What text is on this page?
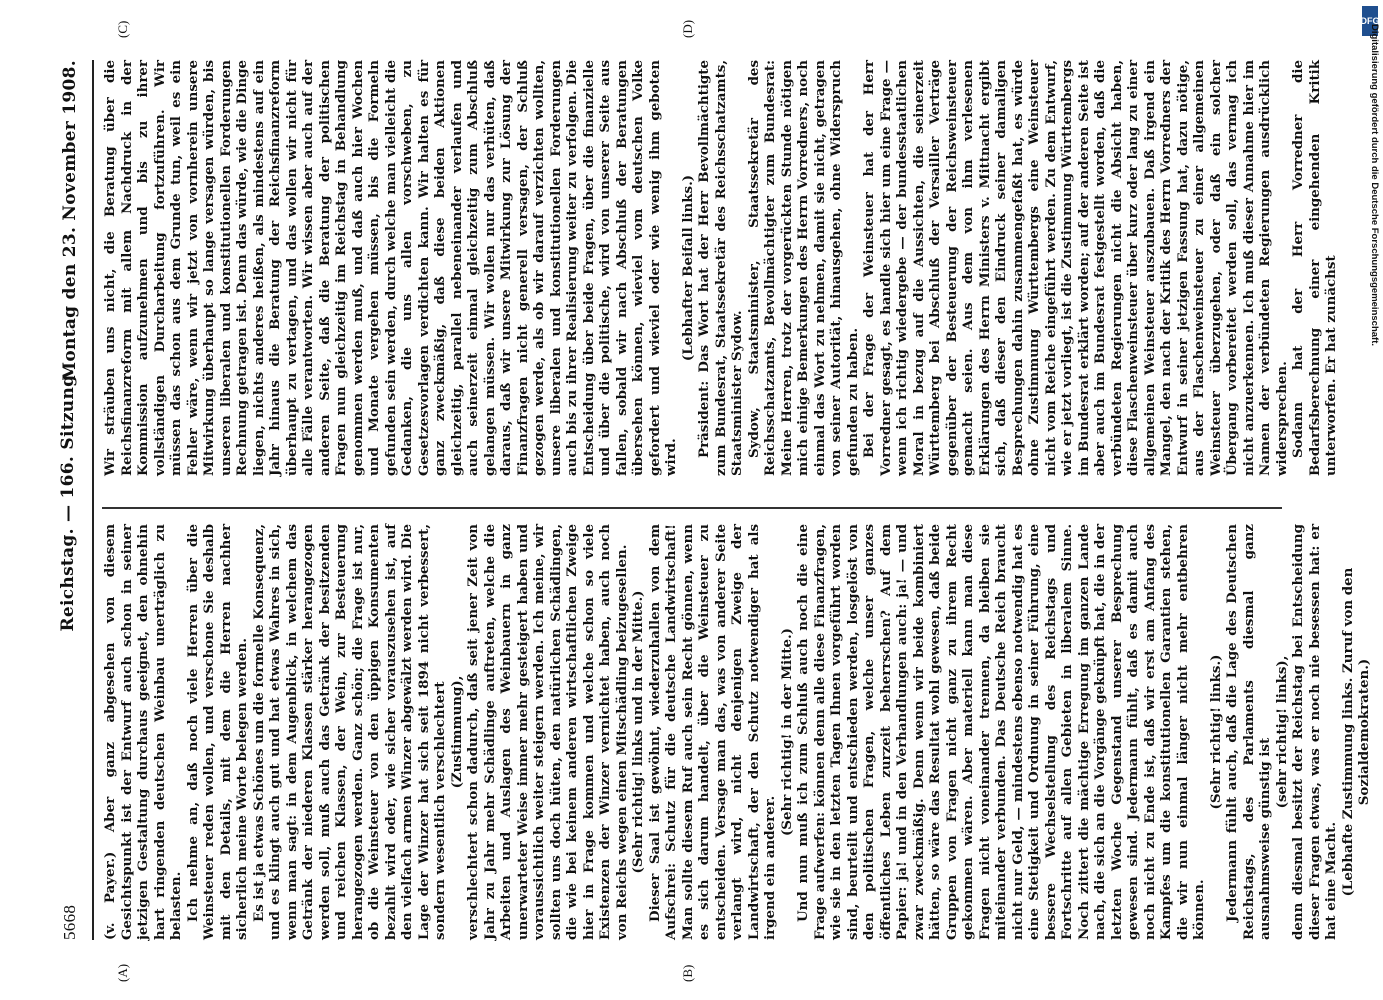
5668
Reichstag. — 166. Sitzung.
Montag den 23. November 1908.

(v. Payer.) Aber ganz abgesehen von diesem Gesichtspunkt ist der Entwurf auch schon in seiner jetzigen Gestaltung durchaus geeignet, den ohnehin hart ringenden deutschen Weinbau unerträglich zu belasten. Ich nehme an, daß noch viele Herren über die Weinsteuer reden wollen, und verschone Sie deshalb mit den Details, mit dem die Herren nachher sicherlich meine Worte belegen werden. Es ist ja etwas Schönes um die formelle Konsequenz, und es klingt auch gut und hat etwas Wahres in sich, wenn man sagt: in dem Augenblick, in welchem das Getränk der niederen Klassen stärker herangezogen werden soll, muß auch das Getränk der besitzenden und reichen Klassen, der Wein, zur Besteuerung herangezogen werden. Ganz schön; die Frage ist nur, ob die Weinsteuer von den üppigen Konsumenten bezahlt wird oder, wie sicher vorauszusehen ist, auf den vielfach armen Winzer abgewälzt werden wird. Die Lage der Winzer hat sich seit 1894 nicht verbessert, sondern wesentlich verschlechtert (Zustimmung), verschlechtert schon dadurch, daß seit jener Zeit von Jahr zu Jahr mehr Schädlinge auftreten, welche die Arbeiten und Auslagen des Weinbauern in ganz unerwarteter Weise immer mehr gesteigert haben und voraussichtlich weiter steigern werden. Ich meine, wir sollten uns doch hüten, den natürlichen Schädlingen, die wie bei keinem anderen wirtschaftlichen Zweige hier in Frage kommen und welche schon so viele Existenzen der Winzer vernichtet haben, auch noch von Reichs wegen einen Mitschädling beizugesellen. (Sehr richtig! links und in der Mitte.) Dieser Saal ist gewöhnt, wiederzuhallen von dem Aufschrei: Schutz für die deutsche Landwirtschaft! Man sollte diesem Ruf auch sein Recht gönnen, wenn es sich darum handelt, über die Weinsteuer zu entscheiden. Versage man das, was von anderer Seite verlangt wird, nicht denjenigen Zweige der Landwirtschaft, der den Schutz notwendiger hat als irgend ein anderer.

(Sehr richtig! in der Mitte.) Und nun muß ich zum Schluß auch noch die eine Frage aufwerfen: können denn alle diese Finanzfragen, wie sie in den letzten Tagen Ihnen vorgeführt worden sind, beurteilt und entschieden werden, losgelöst von den politischen Fragen, welche unser ganzes öffentliches Leben zurzeit beherrschen? Auf dem Papier: ja! und in den Verhandlungen auch: ja! — und zwar zweckmäßig. Denn wenn wir beide kombiniert hätten, so wäre das Resultat wohl gewesen, daß beide Gruppen von Fragen nicht ganz zu ihrem Recht gekommen wären. Aber materiell kann man diese Fragen nicht voneinander trennen, da bleiben sie miteinander verbunden. Das Deutsche Reich braucht nicht nur Geld, — mindestens ebenso notwendig hat es eine Stetigkeit und Ordnung in seiner Führung, eine bessere Wechselstellung des Reichstags und Fortschritte auf allen Gebieten in liberalem Sinne. Noch zittert die mächtige Erregung im ganzen Lande nach, die sich an die Vorgänge geknüpft hat, die in der letzten Woche Gegenstand unserer Besprechung gewesen sind. Jedermann fühlt, daß es damit auch noch nicht zu Ende ist, daß wir erst am Anfang des Kampfes um die konstitutionellen Garantien stehen, die wir nun einmal länger nicht mehr entbehren können.

(Sehr richtig! links.) Jedermann fühlt auch, daß die Lage des Deutschen Reichstags, des Parlaments diesmal ganz ausnahmsweise günstig ist

(sehr richtig! links), denn diesmal besitzt der Reichstag bei Entscheidung dieser Fragen etwas, was er noch nie besessen hat: er hat eine Macht. (Lebhafte Zustimmung links. Zuruf von den Sozialdemokraten.)

Wir sträuben uns nicht, die Beratung über die Reichsfinanzreform mit allem Nachdruck in der Kommission aufzunehmen und bis zu ihrer vollständigen Durcharbeitung fortzuführen. Wir müssen das schon aus dem Grunde tun, weil es ein Fehler wäre, wenn wir jetzt von vornherein unsere Mitwirkung überhaupt so lange versagen würden, bis unseren liberalen und konstitutionellen Forderungen Rechnung getragen ist. Denn das würde, wie die Dinge liegen, nichts anderes heißen, als mindestens auf ein Jahr hinaus die Beratung der Reichsfinanzreform überhaupt zu vertagen, und das wollen wir nicht für alle Fälle verantworten. Wir wissen aber auch auf der anderen Seite, daß die Beratung der politischen Fragen nun gleichzeitig im Reichstag in Behandlung genommen werden muß, und daß auch hier Wochen und Monate vergehen müssen, bis die Formeln gefunden sein werden, durch welche man vielleicht die Gedanken, die uns allen vorschweben, zu Gesetzesvorlagen verdichten kann. Wir halten es für ganz zweckmäßig, daß diese beiden Aktionen gleichzeitig, parallel nebeneinander verlaufen und auch seinerzeit einmal gleichzeitig zum Abschluß gelangen müssen. Wir wollen nur das verhüten, daß daraus, daß wir unsere Mitwirkung zur Lösung der Finanzfragen nicht generell versagen, der Schluß gezogen werde, als ob wir darauf verzichten wollten, unsere liberalen und konstitutionellen Forderungen auch bis zu ihrer Realisierung weiter zu verfolgen. Die Entscheidung über beide Fragen, über die finanzielle und über die politische, wird von unserer Seite aus fallen, sobald wir nach Abschluß der Beratungen übersehen können, wieviel vom deutschen Volke gefordert und wieviel oder wie wenig ihm geboten wird.

(Lebhafter Beifall links.) Präsident: Das Wort hat der Herr Bevollmächtigte zum Bundesrat, Staatssekretär des Reichsschatzamts, Staatsminister Sydow. Sydow, Staatsminister, Staatssekretär des Reichsschatzamts, Bevollmächtigter zum Bundesrat: Meine Herren, trotz der vorgerückten Stunde nötigen mich einige Bemerkungen des Herrn Vorredners, noch einmal das Wort zu nehmen, damit sie nicht, getragen von seiner Autorität, hinausgehen, ohne Widerspruch gefunden zu haben. Bei der Frage der Weinsteuer hat der Herr Vorredner gesagt, es handle sich hier um eine Frage — wenn ich richtig wiedergebe — der bundesstaatlichen Moral in bezug auf die Aussichten, die seinerzeit Württemberg bei Abschluß der Versailler Verträge gegenüber der Besteuerung der Reichsweinsteuer gemacht seien. Aus dem von ihm verlesenen Erklärungen des Herrn Ministers v. Mittnacht ergibt sich, daß dieser den Eindruck seiner damaligen Besprechungen dahin zusammengefaßt hat, es würde ohne Zustimmung Württembergs eine Weinsteuer nicht vom Reiche eingeführt werden. Zu dem Entwurf, wie er jetzt vorliegt, ist die Zustimmung Württembergs im Bundesrat erklärt worden; auf der anderen Seite ist aber auch im Bundesrat festgestellt worden, daß die verbündeten Regierungen nicht die Absicht haben, diese Flaschenweinsteuer über kurz oder lang zu einer allgemeinen Weinsteuer auszubauen. Daß irgend ein Mangel, den nach der Kritik des Herrn Vorredners der Entwurf in seiner jetzigen Fassung hat, dazu nötige, aus der Flaschenweinsteuer zu einer allgemeinen Weinsteuer überzugehen, oder daß ein solcher Übergang vorbereitet werden soll, das vermag ich nicht anzuerkennen. Ich muß dieser Annahme hier im Namen der verbündeten Regierungen ausdrücklich widersprechen. Sodann hat der Herr Vorredner die Bedarfsberechnung einer eingehenden Kritik unterworfen. Er hat zunächst

(A)	(B)
(C)	(D)	DFG
Digitalisierung gefördert durch die Deutsche Forschungsgemeinschaft.
